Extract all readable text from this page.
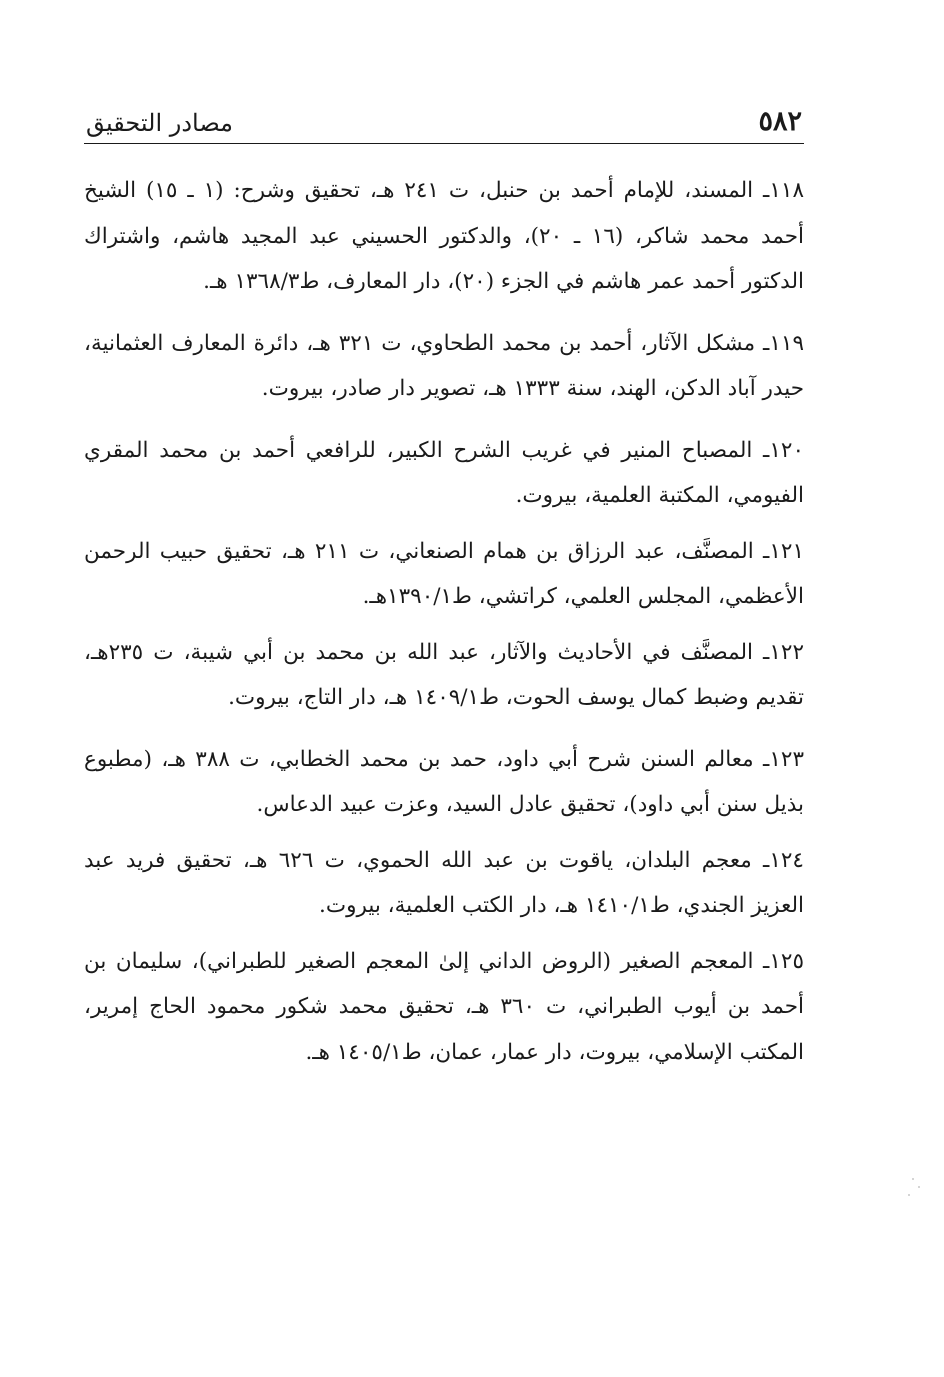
٥٨٢
مصادر التحقيق

١١٨ـ المسند، للإمام أحمد بن حنبل، ت ٢٤١ هـ، تحقيق وشرح: (١ ـ ١٥) الشيخ أحمد محمد شاكر، (١٦ ـ ٢٠)، والدكتور الحسيني عبد المجيد هاشم، واشتراك الدكتور أحمد عمر هاشم في الجزء (٢٠)، دار المعارف، ط١٣٦٨/٣ هـ.

١١٩ـ مشكل الآثار، أحمد بن محمد الطحاوي، ت ٣٢١ هـ، دائرة المعارف العثمانية، حيدر آباد الدكن، الهند، سنة ١٣٣٣ هـ، تصوير دار صادر، بيروت.

١٢٠ـ المصباح المنير في غريب الشرح الكبير، للرافعي أحمد بن محمد المقري الفيومي، المكتبة العلمية، بيروت.

١٢١ـ المصنَّف، عبد الرزاق بن همام الصنعاني، ت ٢١١ هـ، تحقيق حبيب الرحمن الأعظمي، المجلس العلمي، كراتشي، ط١٣٩٠/١هـ.

١٢٢ـ المصنَّف في الأحاديث والآثار، عبد الله بن محمد بن أبي شيبة، ت ٢٣٥هـ، تقديم وضبط كمال يوسف الحوت، ط١٤٠٩/١ هـ، دار التاج، بيروت.

١٢٣ـ معالم السنن شرح أبي داود، حمد بن محمد الخطابي، ت ٣٨٨ هـ، (مطبوع بذيل سنن أبي داود)، تحقيق عادل السيد، وعزت عبيد الدعاس.

١٢٤ـ معجم البلدان، ياقوت بن عبد الله الحموي، ت ٦٢٦ هـ، تحقيق فريد عبد العزيز الجندي، ط١٤١٠/١ هـ، دار الكتب العلمية، بيروت.

١٢٥ـ المعجم الصغير (الروض الداني إلىٰ المعجم الصغير للطبراني)، سليمان بن أحمد بن أيوب الطبراني، ت ٣٦٠ هـ، تحقيق محمد شكور محمود الحاج إمرير، المكتب الإسلامي، بيروت، دار عمار، عمان، ط١٤٠٥/١ هـ.
